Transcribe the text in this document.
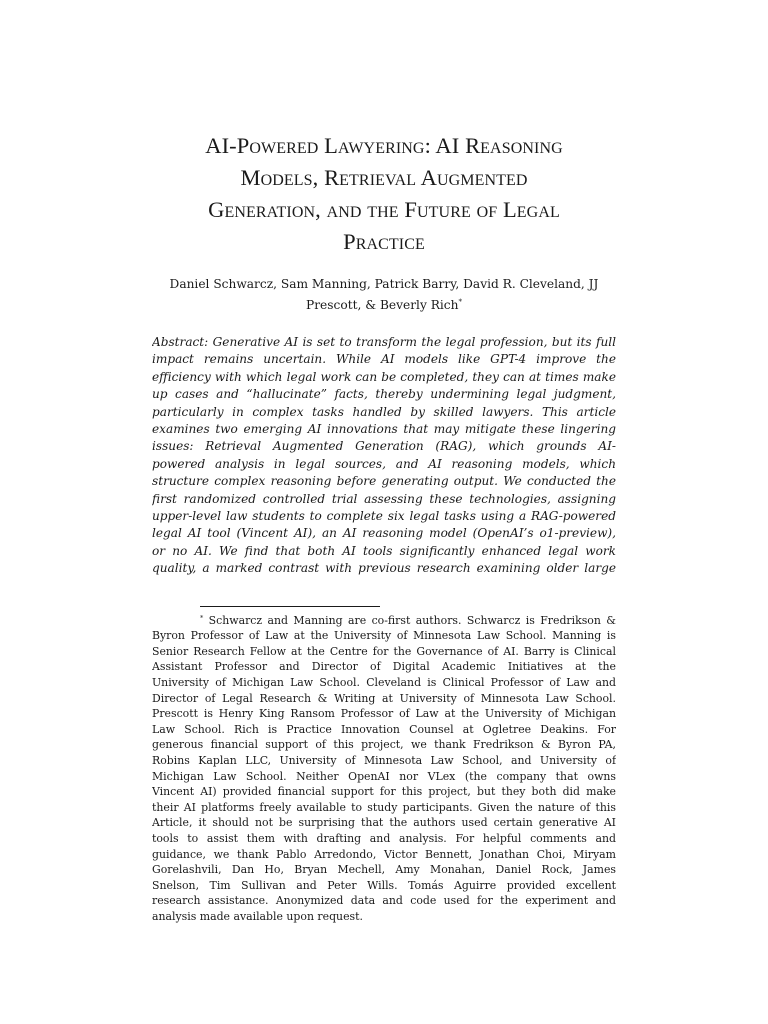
AI-Powered Lawyering: AI Reasoning
Models, Retrieval Augmented
Generation, and the Future of Legal
Practice
Daniel Schwarcz, Sam Manning, Patrick Barry, David R. Cleveland, JJ
Prescott, & Beverly Rich*
Abstract: Generative AI is set to transform the legal profession, but its full
impact remains uncertain. While AI models like GPT-4 improve the
efficiency with which legal work can be completed, they can at times make
up cases and “hallucinate” facts, thereby undermining legal judgment,
particularly in complex tasks handled by skilled lawyers. This article
examines two emerging AI innovations that may mitigate these lingering
issues: Retrieval Augmented Generation (RAG), which grounds AI-
powered analysis in legal sources, and AI reasoning models, which
structure complex reasoning before generating output. We conducted the
first randomized controlled trial assessing these technologies, assigning
upper-level law students to complete six legal tasks using a RAG-powered
legal AI tool (Vincent AI), an AI reasoning model (OpenAI’s o1-preview),
or no AI. We find that both AI tools significantly enhanced legal work
quality, a marked contrast with previous research examining older large
* Schwarcz and Manning are co-first authors. Schwarcz is Fredrikson &
Byron Professor of Law at the University of Minnesota Law School. Manning is
Senior Research Fellow at the Centre for the Governance of AI. Barry is Clinical
Assistant Professor and Director of Digital Academic Initiatives at the
University of Michigan Law School. Cleveland is Clinical Professor of Law and
Director of Legal Research & Writing at University of Minnesota Law School.
Prescott is Henry King Ransom Professor of Law at the University of Michigan
Law School. Rich is Practice Innovation Counsel at Ogletree Deakins. For
generous financial support of this project, we thank Fredrikson & Byron PA,
Robins Kaplan LLC, University of Minnesota Law School, and University of
Michigan Law School. Neither OpenAI nor VLex (the company that owns
Vincent AI) provided financial support for this project, but they both did make
their AI platforms freely available to study participants. Given the nature of this
Article, it should not be surprising that the authors used certain generative AI
tools to assist them with drafting and analysis. For helpful comments and
guidance, we thank Pablo Arredondo, Victor Bennett, Jonathan Choi, Miryam
Gorelashvili, Dan Ho, Bryan Mechell, Amy Monahan, Daniel Rock, James
Snelson, Tim Sullivan and Peter Wills. Tomás Aguirre provided excellent
research assistance. Anonymized data and code used for the experiment and
analysis made available upon request.
